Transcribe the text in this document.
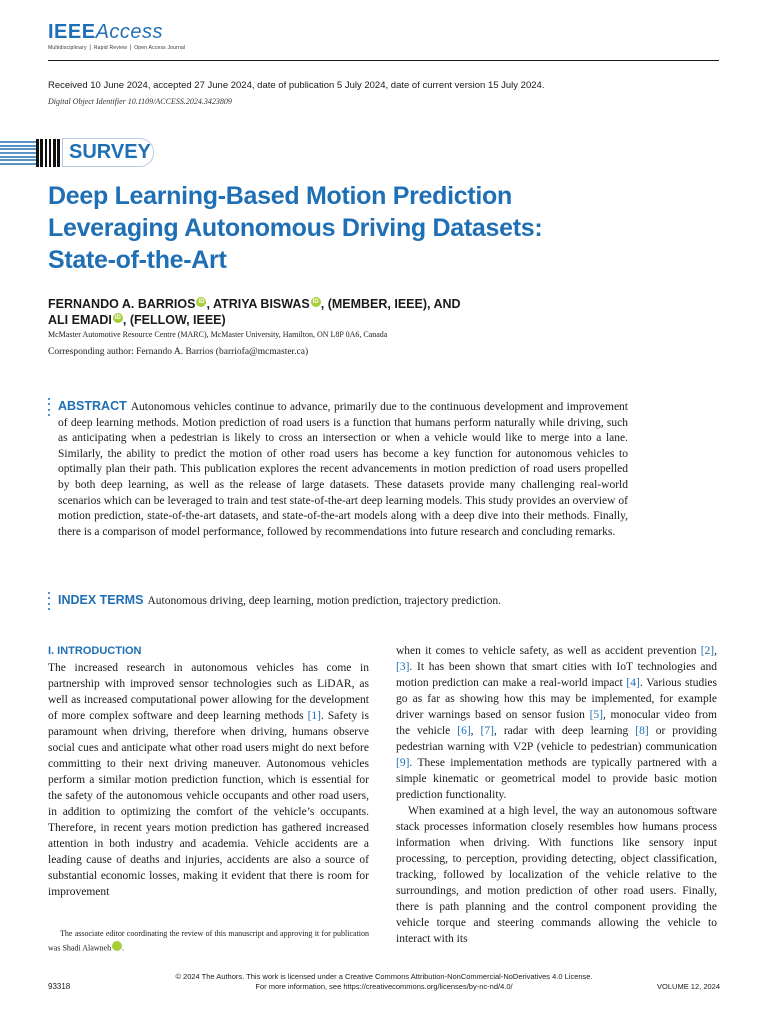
IEEEAccess
Multidisciplinary ⎪ Rapid Review ⎪ Open Access Journal
Received 10 June 2024, accepted 27 June 2024, date of publication 5 July 2024, date of current version 15 July 2024.
Digital Object Identifier 10.1109/ACCESS.2024.3423809
SURVEY
Deep Learning-Based Motion Prediction Leveraging Autonomous Driving Datasets: State-of-the-Art
FERNANDO A. BARRIOS ID , ATRIYA BISWAS ID , (MEMBER, IEEE), AND ALI EMADI ID , (FELLOW, IEEE)
McMaster Automotive Resource Centre (MARC), McMaster University, Hamilton, ON L8P 0A6, Canada
Corresponding author: Fernando A. Barrios (barriofa@mcmaster.ca)
ABSTRACT Autonomous vehicles continue to advance, primarily due to the continuous development and improvement of deep learning methods. Motion prediction of road users is a function that humans perform naturally while driving, such as anticipating when a pedestrian is likely to cross an intersection or when a vehicle would like to merge into a lane. Similarly, the ability to predict the motion of other road users has become a key function for autonomous vehicles to optimally plan their path. This publication explores the recent advancements in motion prediction of road users propelled by both deep learning, as well as the release of large datasets. These datasets provide many challenging real-world scenarios which can be leveraged to train and test state-of-the-art deep learning models. This study provides an overview of motion prediction, state-of-the-art datasets, and state-of-the-art models along with a deep dive into their methods. Finally, there is a comparison of model performance, followed by recommendations into future research and concluding remarks.
INDEX TERMS Autonomous driving, deep learning, motion prediction, trajectory prediction.
I. INTRODUCTION

The increased research in autonomous vehicles has come in partnership with improved sensor technologies such as LiDAR, as well as increased computational power allowing for the development of more complex software and deep learning methods [1]. Safety is paramount when driving, therefore when driving, humans observe social cues and anticipate what other road users might do next before committing to their next driving maneuver. Autonomous vehicles perform a similar motion prediction function, which is essential for the safety of the autonomous vehicle occupants and other road users, in addition to optimizing the comfort of the vehicle’s occupants. Therefore, in recent years motion prediction has gathered increased attention in both industry and academia. Vehicle accidents are a leading cause of deaths and injuries, accidents are also a source of substantial economic losses, making it evident that there is room for improvement

when it comes to vehicle safety, as well as accident prevention [2], [3]. It has been shown that smart cities with IoT technologies and motion prediction can make a real-world impact [4]. Various studies go as far as showing how this may be implemented, for example driver warnings based on sensor fusion [5], monocular video from the vehicle [6], [7], radar with deep learning [8] or providing pedestrian warning with V2P (vehicle to pedestrian) communication [9]. These implementation methods are typically partnered with a simple kinematic or geometrical model to provide basic motion prediction functionality.

When examined at a high level, the way an autonomous software stack processes information closely resembles how humans process information when driving. With functions like sensory input processing, to perception, providing detecting, object classification, tracking, followed by localization of the vehicle relative to the surroundings, and motion prediction of other road users. Finally, there is path planning and the control component providing the vehicle torque and steering commands allowing the vehicle to interact with its

The associate editor coordinating the review of this manuscript and approving it for publication was Shadi Alawneh iD.

93318
© 2024 The Authors. This work is licensed under a Creative Commons Attribution-NonCommercial-NoDerivatives 4.0 License.
For more information, see https://creativecommons.org/licenses/by-nc-nd/4.0/	VOLUME 12, 2024
